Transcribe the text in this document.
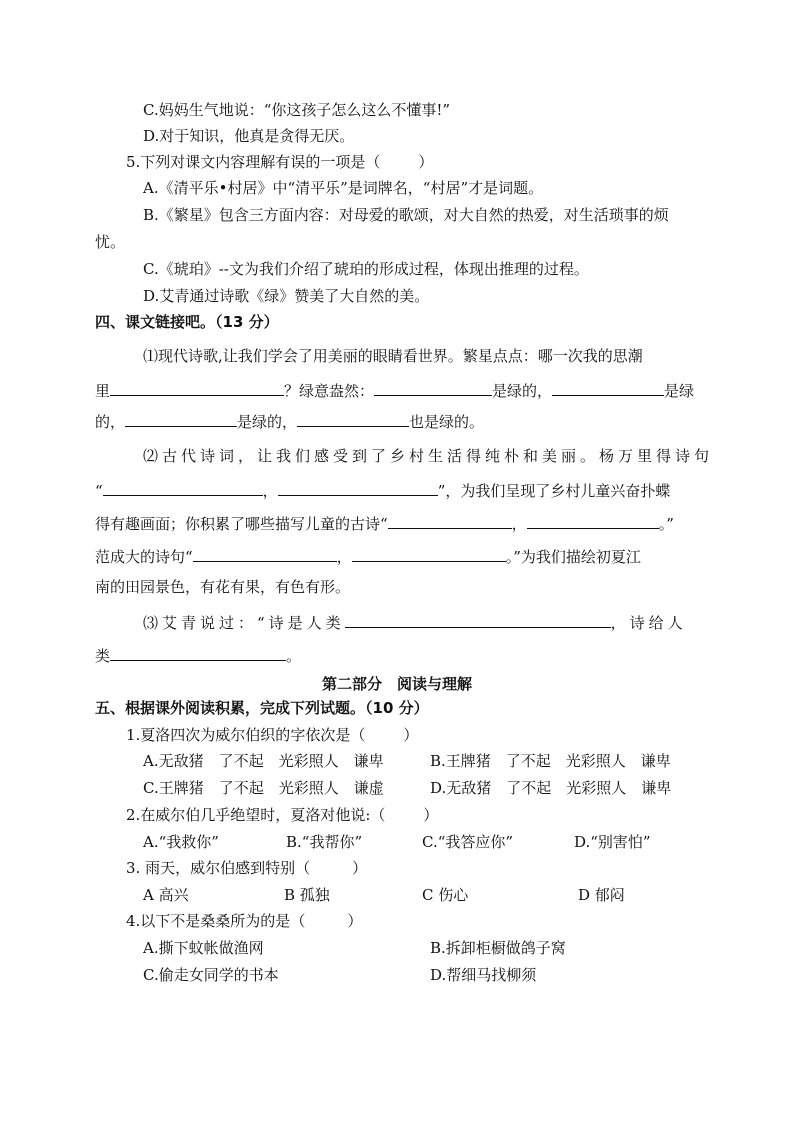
C.妈妈生气地说：“你这孩子怎么这么不懂事!”
D.对于知识，他真是贪得无厌。
5.下列对课文内容理解有误的一项是（	）
A.《清平乐•村居》中“清平乐”是词牌名，“村居”才是词题。
B.《繁星》包含三方面内容：对母爱的歌颂，对大自然的热爱，对生活琐事的烦
忧。
C.《琥珀》--文为我们介绍了琥珀的形成过程，体现出推理的过程。
D.艾青通过诗歌《绿》赞美了大自然的美。
四、课文链接吧。（13 分）
⑴现代诗歌,让我们学会了用美丽的眼睛看世界。繁星点点：哪一次我的思潮
里	？绿意盎然：	是绿的，	是绿
的，	是绿的，	也是绿的。
⑵古代诗词，让我们感受到了乡村生活得纯朴和美丽。杨万里得诗句
“	，	”，为我们呈现了乡村儿童兴奋扑蝶
得有趣画面；你积累了哪些描写儿童的古诗“	，	。”
范成大的诗句“	，	。”为我们描绘初夏江
南的田园景色，有花有果，有色有形。
⑶艾青说过：“诗是人类	，诗给人
类	。
第二部分　阅读与理解
五、根据课外阅读积累，完成下列试题。（10 分）
1.夏洛四次为威尔伯织的字依次是（	）
A.无敌猪　了不起　光彩照人　谦卑	B.王牌猪　了不起　光彩照人　谦卑
C.王牌猪　了不起　光彩照人　谦虚	D.无敌猪　了不起　光彩照人　谦卑
2.在威尔伯几乎绝望时，夏洛对他说:（	）
A.“我救你”	B.“我帮你”	C.“我答应你”	D.“别害怕”
3. 雨天，威尔伯感到特别（	）
A 高兴	B 孤独	C 伤心	D 郁闷
4.以下不是桑桑所为的是（	）
A.撕下蚊帐做渔网	B.拆卸柜橱做鸽子窝
C.偷走女同学的书本	D.帮细马找柳须
